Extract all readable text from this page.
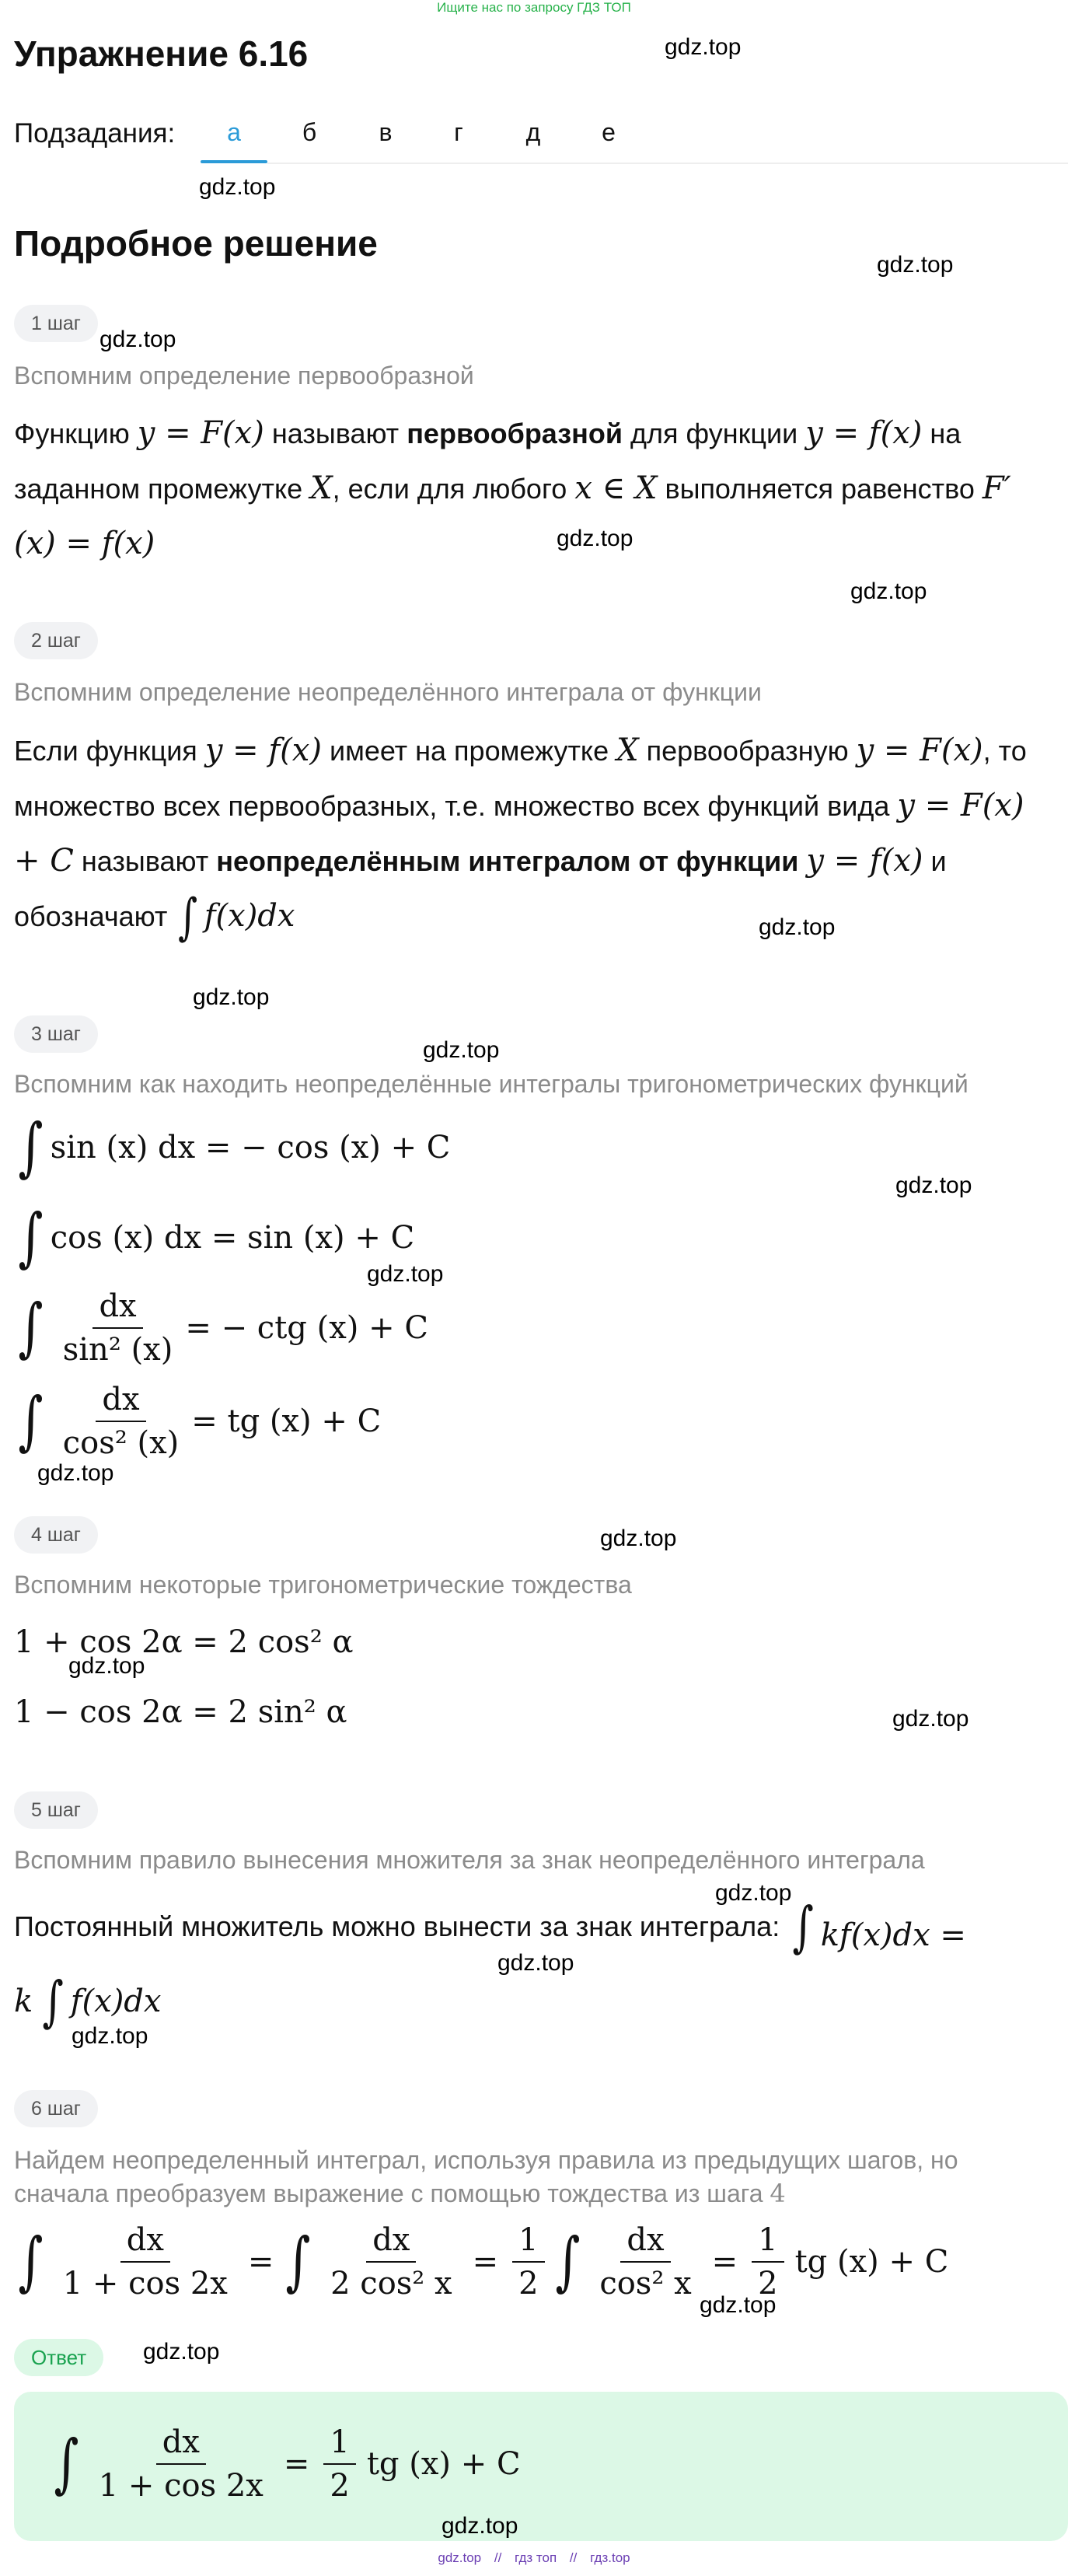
Ищите нас по запросу ГДЗ ТОП
Упражнение 6.16	gdz.top
Подзадания:	а	б	в	г	д	е
gdz.top
Подробное решение
gdz.top
1 шаг
gdz.top
Вспомним определение первообразной
Функцию y = F(x) называют первообразной для функции y = f(x) на заданном промежутке X, если для любого x ∈ X выполняется равенство F′(x) = f(x)	gdz.top
gdz.top
2 шаг
Вспомним определение неопределённого интеграла от функции
Если функция y = f(x) имеет на промежутке X первообразную y = F(x), то множество всех первообразных, т.е. множество всех функций вида y = F(x) + C называют неопределённым интегралом от функции y = f(x) и обозначают ∫ f(x)dx	gdz.top
gdz.top
3 шаг
gdz.top
Вспомним как находить неопределённые интегралы тригонометрических функций
∫ sin (x) dx = − cos (x) + C
gdz.top
∫ cos (x) dx = sin (x) + C
gdz.top
∫ $\frac{dx}{\text{sin² (x)}}$ = − ctg (x) + C
∫ $\frac{dx}{\text{cos² (x)}}$ = tg (x) + C
gdz.top
4 шаг	gdz.top
Вспомним некоторые тригонометрические тождества
1 + cos 2α = 2 cos² α
gdz.top
1 − cos 2α = 2 sin² α	gdz.top
5 шаг
Вспомним правило вынесения множителя за знак неопределённого интеграла
gdz.top
Постоянный множитель можно вынести за знак интеграла: ∫ kf(x)dx =
gdz.top
k ∫ f(x)dx
gdz.top
6 шаг
Найдем неопределенный интеграл, используя правила из предыдущих шагов, но
сначала преобразуем выражение с помощью тождества из шага 4
∫ $\frac{dx}{1 + \cos 2x}$ = ∫ $\frac{dx}{\text{2 cos² x}} = \frac{1}{2}$ ∫ $\frac{dx}{\text{cos² x}} = \frac{1}{2}$ tg (x) + C
gdz.top
Ответ	gdz.top
∫ $\frac{dx}{1 + \cos 2x} = \frac{1}{2}$ tg (x) + C
gdz.top
gdz.top // гдз топ // гдз.top
